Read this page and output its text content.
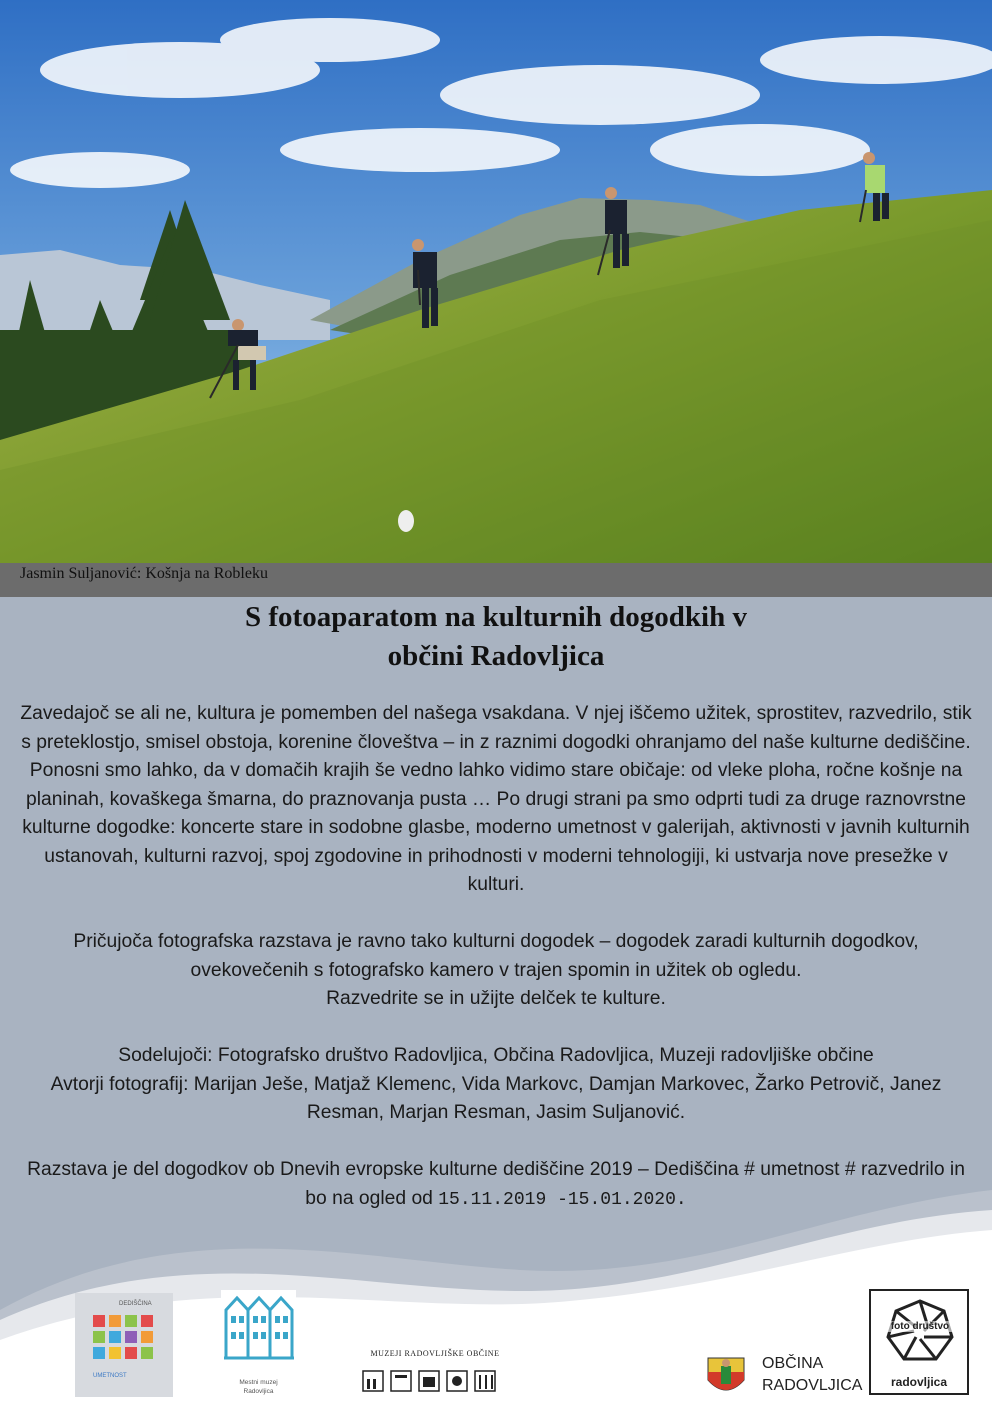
Jasmin Suljanović: Košnja na Robleku
S fotoaparatom na kulturnih dogodkih v
občini Radovljica

Zavedajoč se ali ne, kultura je pomemben del našega vsakdana. V njej iščemo užitek, sprostitev, razvedrilo, stik s preteklostjo, smisel obstoja, korenine človeštva – in z raznimi dogodki ohranjamo del naše kulturne dediščine. Ponosni smo lahko, da v domačih krajih še vedno lahko vidimo stare običaje: od vleke ploha, ročne košnje na planinah, kovaškega šmarna, do praznovanja pusta … Po drugi strani pa smo odprti tudi za druge raznovrstne kulturne dogodke: koncerte stare in sodobne glasbe, moderno umetnost v galerijah, aktivnosti v javnih kulturnih ustanovah, kulturni razvoj, spoj zgodovine in prihodnosti v moderni tehnologiji, ki ustvarja nove presežke v kulturi.

Pričujoča fotografska razstava je ravno tako kulturni dogodek – dogodek zaradi kulturnih dogodkov, ovekovečenih s fotografsko kamero v trajen spomin in užitek ob ogledu.
Razvedrite se in užijte delček te kulture.

Sodelujoči: Fotografsko društvo Radovljica, Občina Radovljica, Muzeji radovljiške občine
Avtorji fotografij: Marijan Ješe, Matjaž Klemenc, Vida Markovc, Damjan Markovec, Žarko Petrovič, Janez Resman, Marjan Resman, Jasim Suljanović.

Razstava je del dogodkov ob Dnevih evropske kulturne dediščine 2019 – Dediščina # umetnost # razvedrilo in bo na ogled od 15.11.2019 -15.01.2020.

DEDIŠČINA
UMETNOST
Mestni muzej Radovljica
MUZEJI RADOVLJIŠKE OBČINE
OBČINA
RADOVLJICA
foto društvo
radovljica
